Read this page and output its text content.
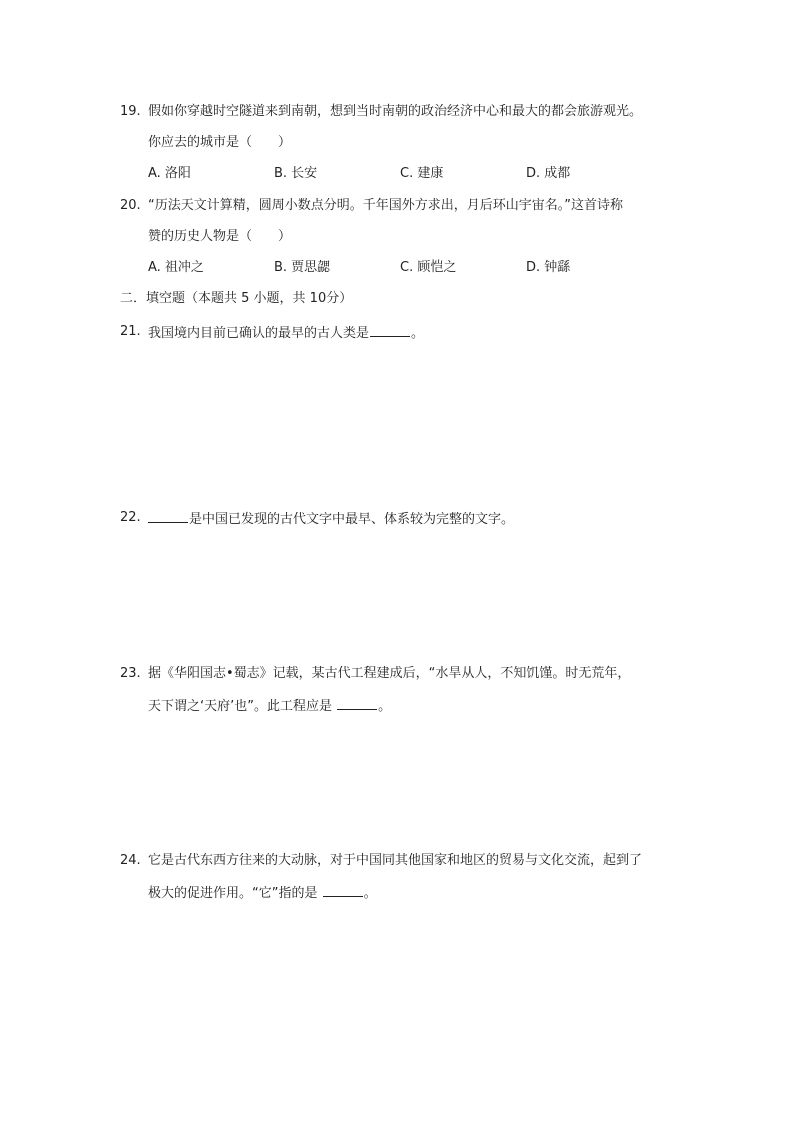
19. 假如你穿越时空隧道来到南朝，想到当时南朝的政治经济中心和最大的都会旅游观光。
你应去的城市是（　　）
A. 洛阳	B. 长安	C. 建康	D. 成都
20. “历法天文计算精，圆周小数点分明。千年国外方求出，月后环山宇宙名。”这首诗称
赞的历史人物是（　　）
A. 祖冲之	B. 贾思勰	C. 顾恺之	D. 钟繇
二．填空题（本题共 5 小题，共 10分）
21. 我国境内目前已确认的最早的古人类是	。
22.	是中国已发现的古代文字中最早、体系较为完整的文字。
23. 据《华阳国志•蜀志》记载，某古代工程建成后，“水旱从人，不知饥馑。时无荒年，
天下谓之‘天府’也”。此工程应是	。
24. 它是古代东西方往来的大动脉，对于中国同其他国家和地区的贸易与文化交流，起到了
极大的促进作用。“它”指的是	。
